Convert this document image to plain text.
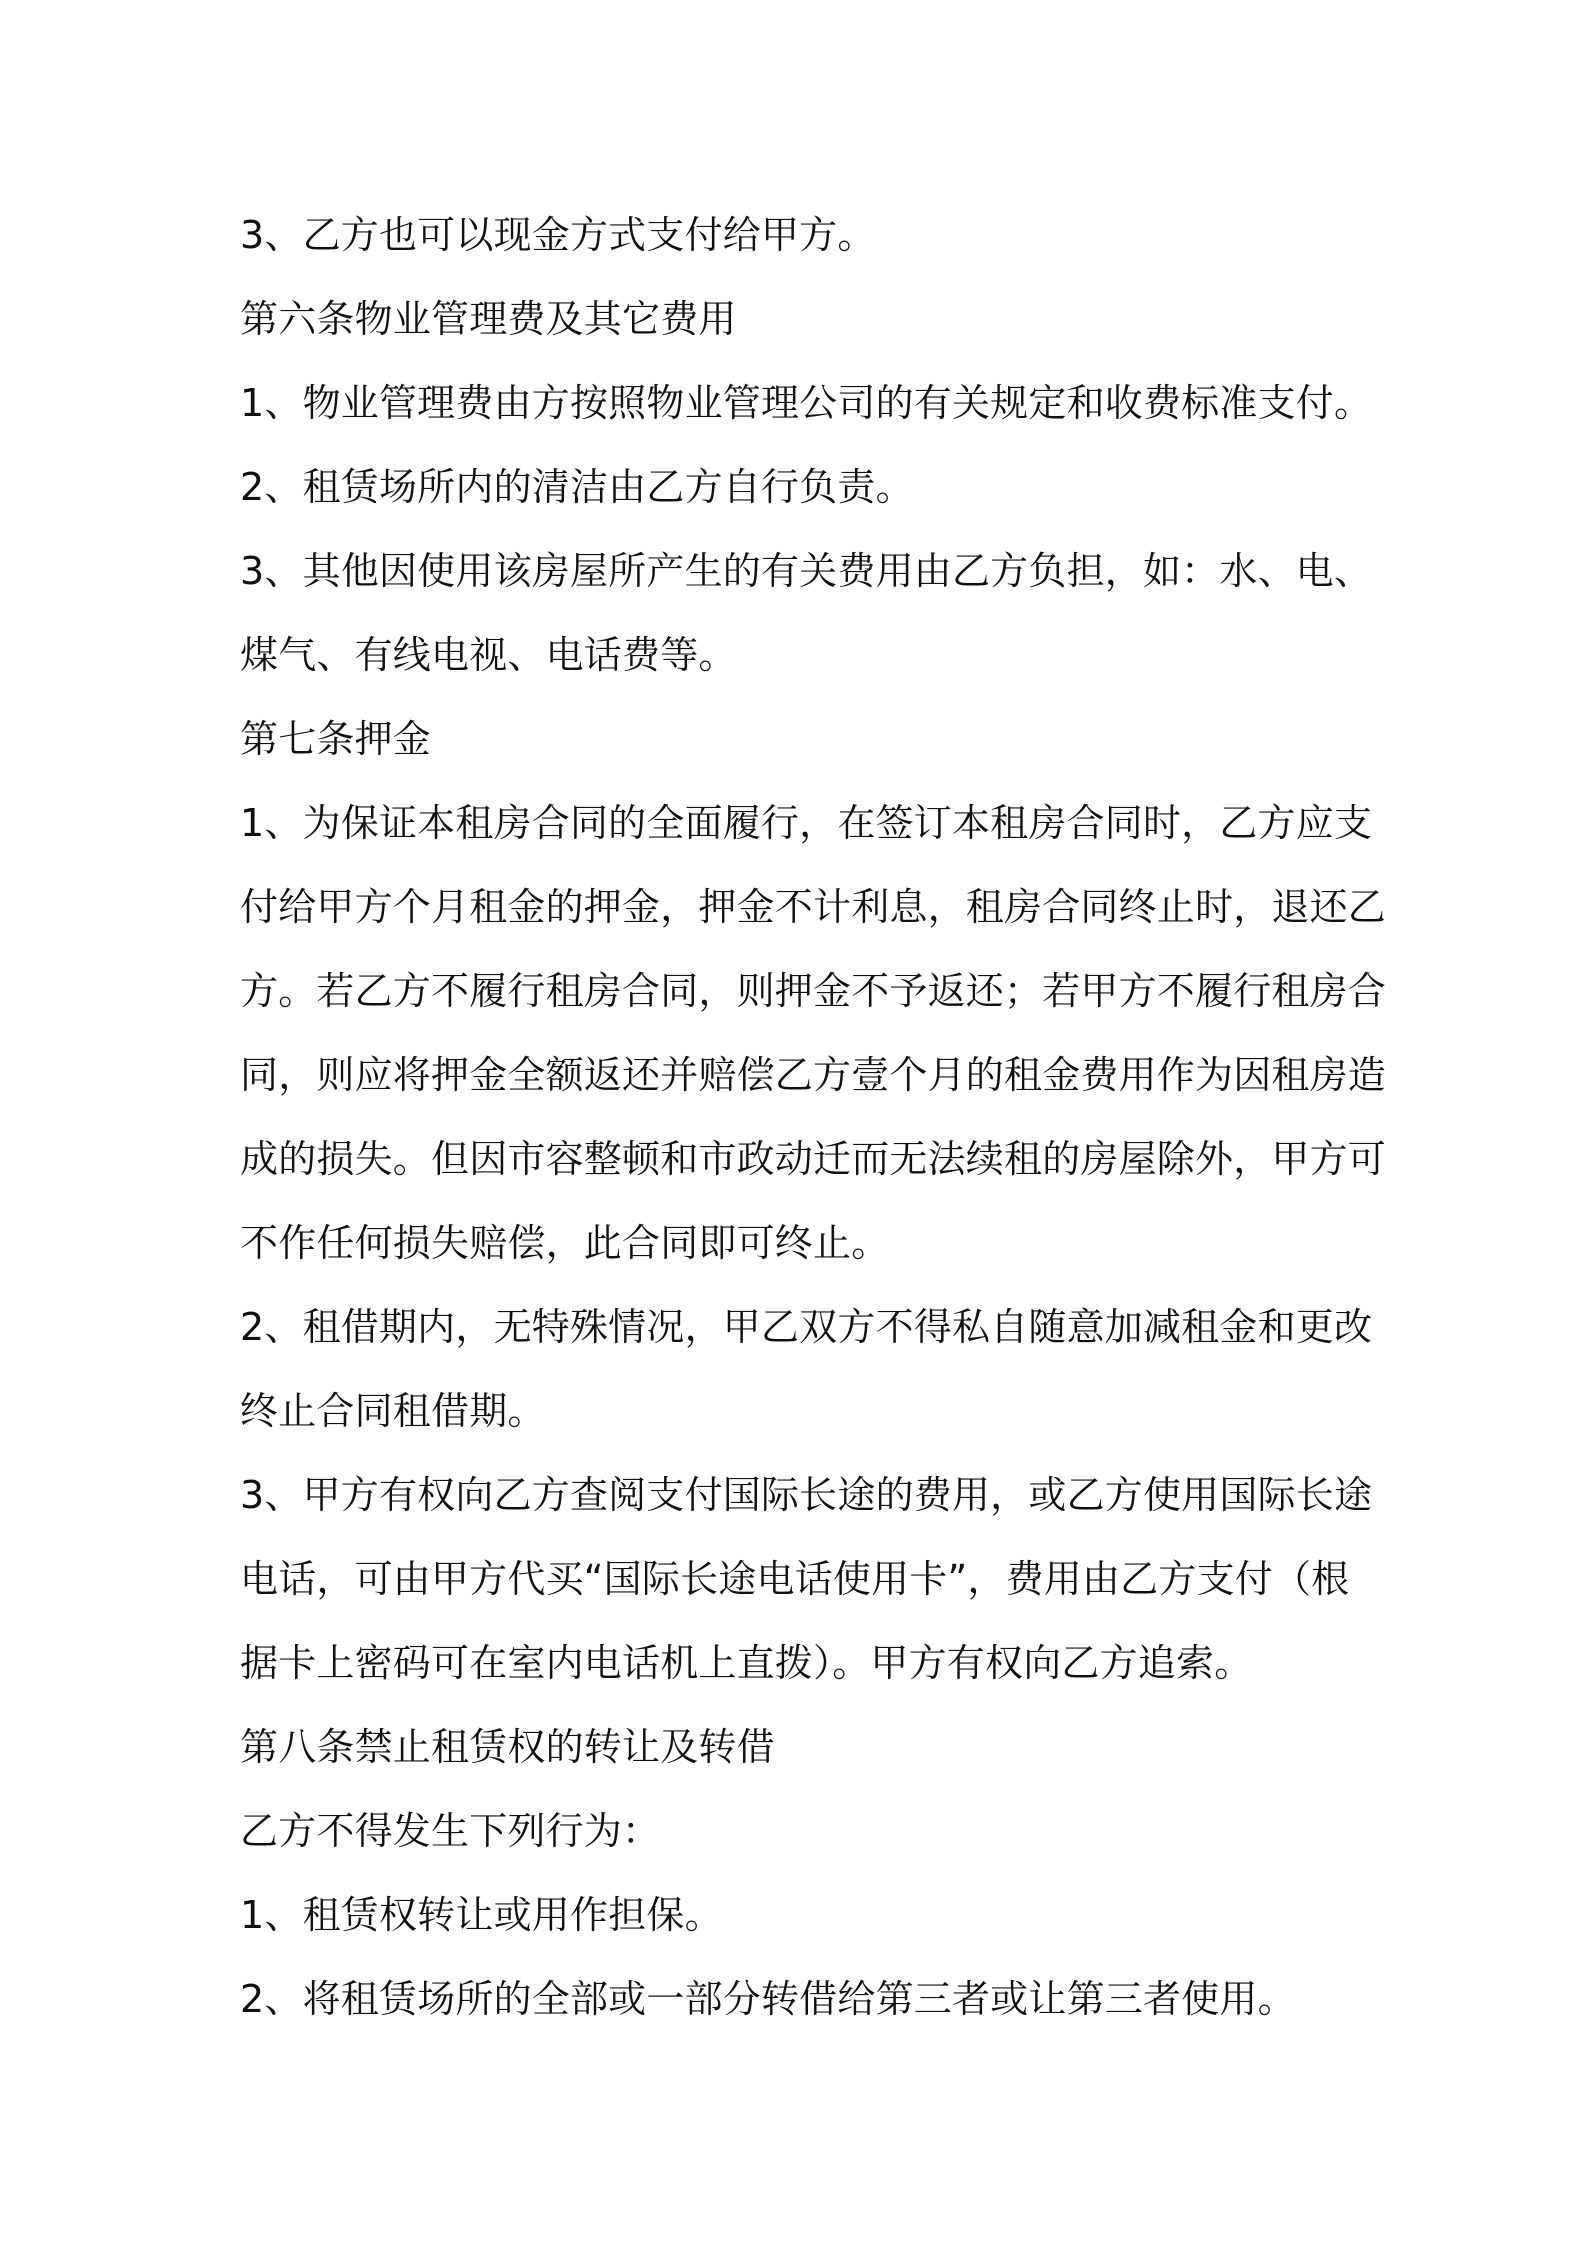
3、乙方也可以现金方式支付给甲方。
第六条物业管理费及其它费用
1、物业管理费由方按照物业管理公司的有关规定和收费标准支付。
2、租赁场所内的清洁由乙方自行负责。
3、其他因使用该房屋所产生的有关费用由乙方负担，如：水、电、
煤气、有线电视、电话费等。
第七条押金
1、为保证本租房合同的全面履行，在签订本租房合同时，乙方应支
付给甲方个月租金的押金，押金不计利息，租房合同终止时，退还乙
方。若乙方不履行租房合同，则押金不予返还；若甲方不履行租房合
同，则应将押金全额返还并赔偿乙方壹个月的租金费用作为因租房造
成的损失。但因市容整顿和市政动迁而无法续租的房屋除外，甲方可
不作任何损失赔偿，此合同即可终止。
2、租借期内，无特殊情况，甲乙双方不得私自随意加减租金和更改
终止合同租借期。
3、甲方有权向乙方查阅支付国际长途的费用，或乙方使用国际长途
电话，可由甲方代买“国际长途电话使用卡”，费用由乙方支付（根
据卡上密码可在室内电话机上直拨）。甲方有权向乙方追索。
第八条禁止租赁权的转让及转借
乙方不得发生下列行为：
1、租赁权转让或用作担保。
2、将租赁场所的全部或一部分转借给第三者或让第三者使用。
